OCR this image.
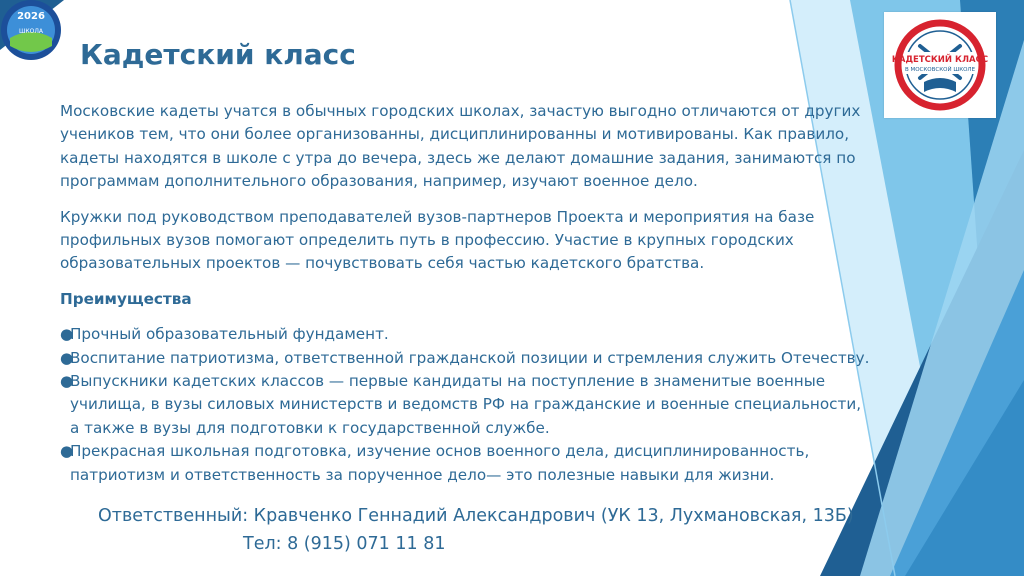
2026
ШКОЛА
Кадетский класс	КАДЕТСКИЙ КЛАСС
В МОСКОВСКОЙ ШКОЛЕ

Московские кадеты учатся в обычных городских школах, зачастую выгодно отличаются от других учеников тем, что они более организованны, дисциплинированны и мотивированы. Как правило, кадеты находятся в школе с утра до вечера, здесь же делают домашние задания, занимаются по программам дополнительного образования, например, изучают военное дело.

Кружки под руководством преподавателей вузов-партнеров Проекта и мероприятия на базе профильных вузов помогают определить путь в профессию. Участие в крупных городских образовательных проектов — почувствовать себя частью кадетского братства.

Преимущества

●Прочный образовательный фундамент.
●Воспитание патриотизма, ответственной гражданской позиции и стремления служить Отечеству.
●Выпускники кадетских классов — первые кандидаты на поступление в знаменитые военные училища, в вузы силовых министерств и ведомств РФ на гражданские и военные специальности, а также в вузы для подготовки к государственной службе.
●Прекрасная школьная подготовка, изучение основ военного дела, дисциплинированность, патриотизм и ответственность за порученное дело— это полезные навыки для жизни.
Ответственный: Кравченко Геннадий Александрович (УК 13, Лухмановская, 13Б)
Тел: 8 (915) 071 11 81
